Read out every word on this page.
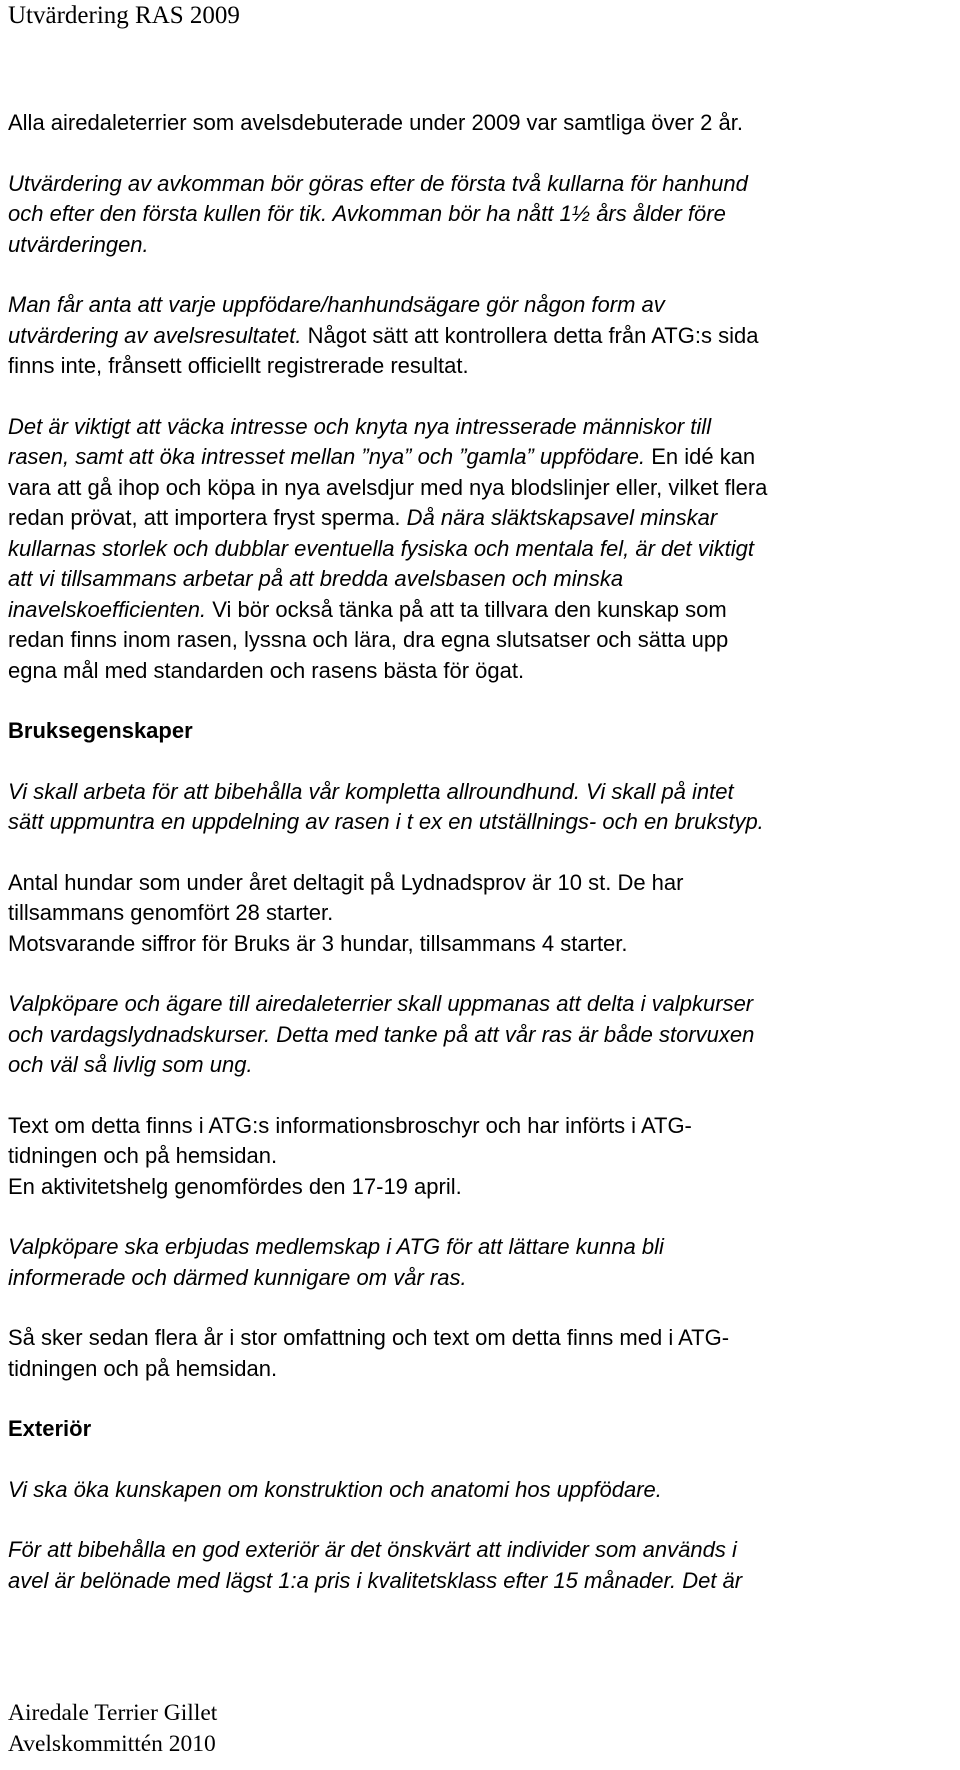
Utvärdering RAS 2009

Alla airedaleterrier som avelsdebuterade under 2009 var samtliga över 2 år.

Utvärdering av avkomman bör göras efter de första två kullarna för hanhund
och efter den första kullen för tik. Avkomman bör ha nått 1½ års ålder före
utvärderingen.

Man får anta att varje uppfödare/hanhundsägare gör någon form av
utvärdering av avelsresultatet. Något sätt att kontrollera detta från ATG:s sida
finns inte, frånsett officiellt registrerade resultat.

Det är viktigt att väcka intresse och knyta nya intresserade människor till
rasen, samt att öka intresset mellan ”nya” och ”gamla” uppfödare. En idé kan
vara att gå ihop och köpa in nya avelsdjur med nya blodslinjer eller, vilket flera
redan prövat, att importera fryst sperma. Då nära släktskapsavel minskar
kullarnas storlek och dubblar eventuella fysiska och mentala fel, är det viktigt
att vi tillsammans arbetar på att bredda avelsbasen och minska
inavelskoefficienten. Vi bör också tänka på att ta tillvara den kunskap som
redan finns inom rasen, lyssna och lära, dra egna slutsatser och sätta upp
egna mål med standarden och rasens bästa för ögat.

Bruksegenskaper

Vi skall arbeta för att bibehålla vår kompletta allroundhund. Vi skall på intet
sätt uppmuntra en uppdelning av rasen i t ex en utställnings- och en brukstyp.

Antal hundar som under året deltagit på Lydnadsprov är 10 st. De har
tillsammans genomfört 28 starter.
Motsvarande siffror för Bruks är 3 hundar, tillsammans 4 starter.

Valpköpare och ägare till airedaleterrier skall uppmanas att delta i valpkurser
och vardagslydnadskurser. Detta med tanke på att vår ras är både storvuxen
och väl så livlig som ung.

Text om detta finns i ATG:s informationsbroschyr och har införts i ATG-
tidningen och på hemsidan.
En aktivitetshelg genomfördes den 17-19 april.

Valpköpare ska erbjudas medlemskap i ATG för att lättare kunna bli
informerade och därmed kunnigare om vår ras.

Så sker sedan flera år i stor omfattning och text om detta finns med i ATG-
tidningen och på hemsidan.

Exteriör

Vi ska öka kunskapen om konstruktion och anatomi hos uppfödare.

För att bibehålla en god exteriör är det önskvärt att individer som används i
avel är belönade med lägst 1:a pris i kvalitetsklass efter 15 månader. Det är

Airedale Terrier Gillet
Avelskommittén 2010
